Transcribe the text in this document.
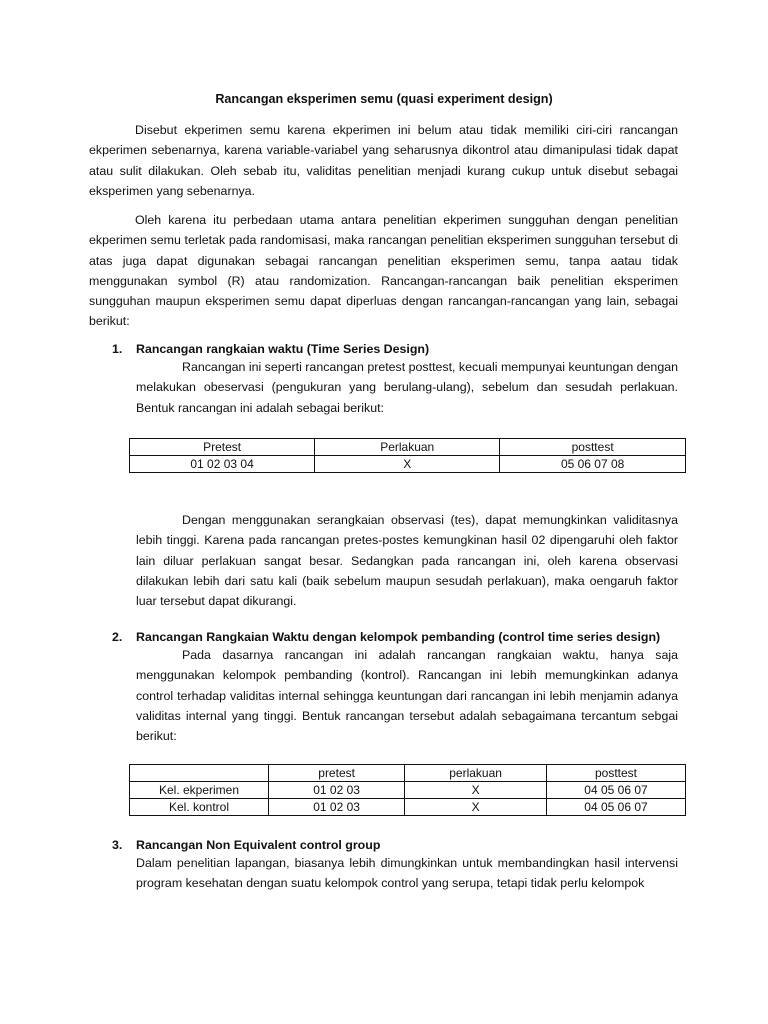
Rancangan eksperimen semu (quasi experiment design)
Disebut ekperimen semu karena ekperimen ini belum atau tidak memiliki ciri-ciri rancangan ekperimen sebenarnya, karena variable-variabel yang seharusnya dikontrol atau dimanipulasi tidak dapat atau sulit dilakukan. Oleh sebab itu, validitas penelitian menjadi kurang cukup untuk disebut sebagai eksperimen yang sebenarnya.
Oleh karena itu perbedaan utama antara penelitian ekperimen sungguhan dengan penelitian ekperimen semu terletak pada randomisasi, maka rancangan penelitian eksperimen sungguhan tersebut di atas juga dapat digunakan sebagai rancangan penelitian eksperimen semu, tanpa aatau tidak menggunakan symbol (R) atau randomization. Rancangan-rancangan baik penelitian eksperimen sungguhan maupun eksperimen semu dapat diperluas dengan rancangan-rancangan yang lain, sebagai berikut:
1. Rancangan rangkaian waktu (Time Series Design)
Rancangan ini seperti rancangan pretest posttest, kecuali mempunyai keuntungan dengan melakukan obeservasi (pengukuran yang berulang-ulang), sebelum dan sesudah perlakuan. Bentuk rancangan ini adalah sebagai berikut:
Pretest	Perlakuan	posttest
01 02 03 04	X	05 06 07 08
Dengan menggunakan serangkaian observasi (tes), dapat memungkinkan validitasnya lebih tinggi. Karena pada rancangan pretes-postes kemungkinan hasil 02 dipengaruhi oleh faktor lain diluar perlakuan sangat besar. Sedangkan pada rancangan ini, oleh karena observasi dilakukan lebih dari satu kali (baik sebelum maupun sesudah perlakuan), maka oengaruh faktor luar tersebut dapat dikurangi.
2. Rancangan Rangkaian Waktu dengan kelompok pembanding (control time series design)
Pada dasarnya rancangan ini adalah rancangan rangkaian waktu, hanya saja menggunakan kelompok pembanding (kontrol). Rancangan ini lebih memungkinkan adanya control terhadap validitas internal sehingga keuntungan dari rancangan ini lebih menjamin adanya validitas internal yang tinggi. Bentuk rancangan tersebut adalah sebagaimana tercantum sebgai berikut:
	pretest	perlakuan	posttest
Kel. ekperimen	01 02 03	X	04 05 06 07
Kel. kontrol	01 02 03	X	04 05 06 07
3. Rancangan Non Equivalent control group
Dalam penelitian lapangan, biasanya lebih dimungkinkan untuk membandingkan hasil intervensi program kesehatan dengan suatu kelompok control yang serupa, tetapi tidak perlu kelompok
